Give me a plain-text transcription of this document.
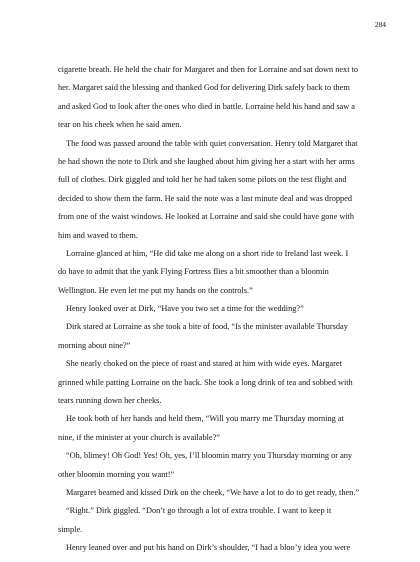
284
cigarette breath. He held the chair for Margaret and then for Lorraine and sat down next to
her. Margaret said the blessing and thanked God for delivering Dirk safely back to them
and asked God to look after the ones who died in battle. Lorraine held his hand and saw a
tear on his cheek when he said amen.
The food was passed around the table with quiet conversation. Henry told Margaret that
he had shown the note to Dirk and she laughed about him giving her a start with her arms
full of clothes. Dirk giggled and told her he had taken some pilots on the test flight and
decided to show them the farm. He said the note was a last minute deal and was dropped
from one of the waist windows. He looked at Lorraine and said she could have gone with
him and waved to them.
Lorraine glanced at him, “He did take me along on a short ride to Ireland last week. I
do have to admit that the yank Flying Fortress flies a bit smoother than a bloomin
Wellington. He even let me put my hands on the controls.”
Henry looked over at Dirk, “Have you two set a time for the wedding?”
Dirk stared at Lorraine as she took a bite of food, “Is the minister available Thursday
morning about nine?”
She nearly choked on the piece of roast and stared at him with wide eyes. Margaret
grinned while patting Lorraine on the back. She took a long drink of tea and sobbed with
tears running down her cheeks.
He took both of her hands and held them, “Will you marry me Thursday morning at
nine, if the minister at your church is available?”
“Oh, blimey! Oh God! Yes! Oh, yes, I’ll bloomin marry you Thursday morning or any
other bloomin morning you want!”
Margaret beamed and kissed Dirk on the cheek, “We have a lot to do to get ready, then.”
“Right.” Dirk giggled. “Don’t go through a lot of extra trouble. I want to keep it
simple.
Henry leaned over and put his hand on Dirk’s shoulder, “I had a bloo’y idea you were
